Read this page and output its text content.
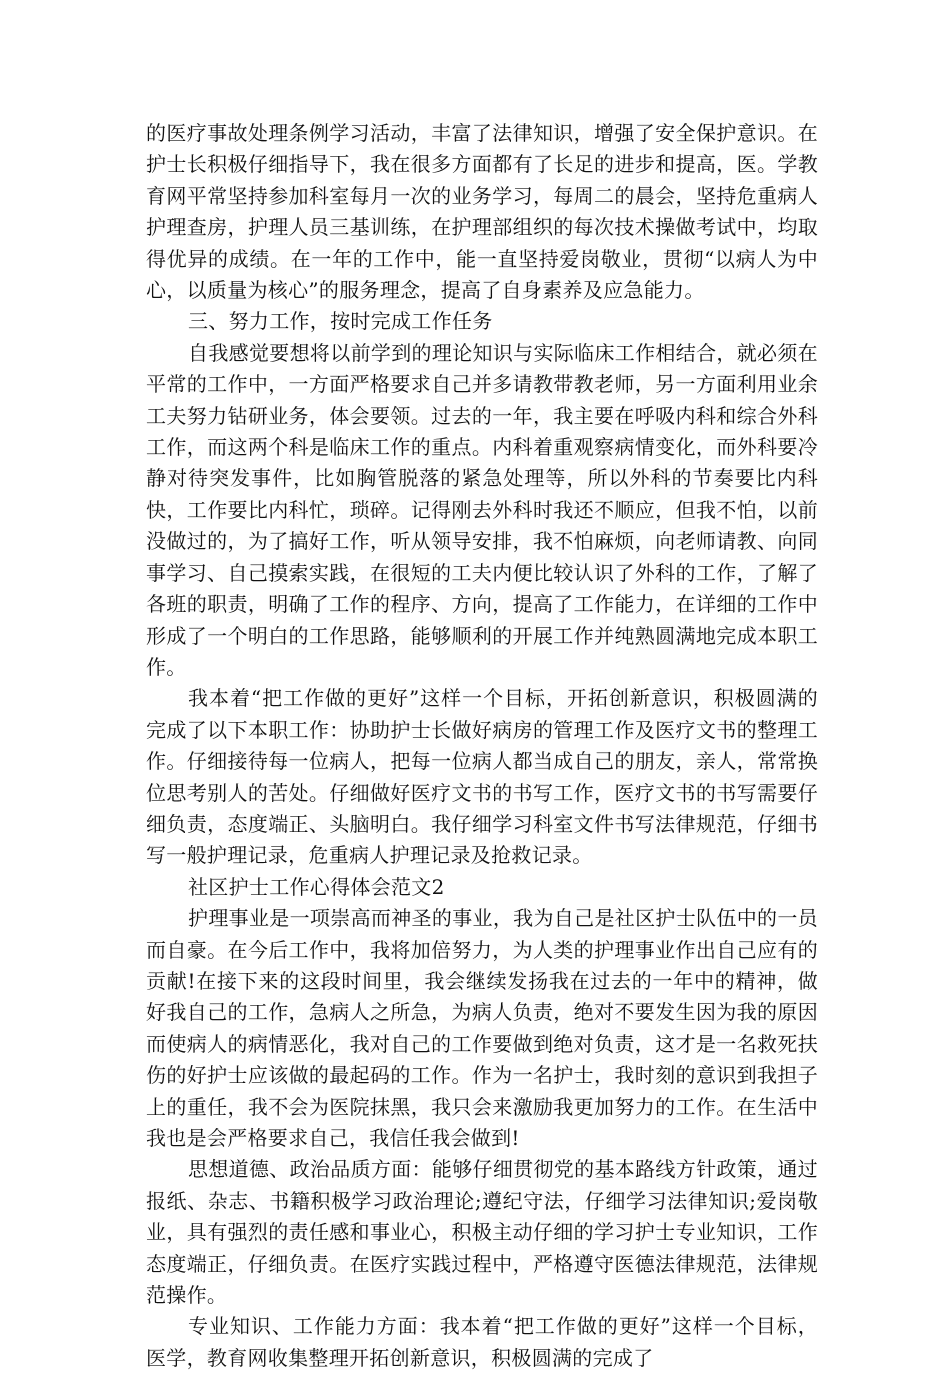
的医疗事故处理条例学习活动，丰富了法律知识，增强了安全保护意识。在护士长积极仔细指导下，我在很多方面都有了长足的进步和提高，医。学教育网平常坚持参加科室每月一次的业务学习，每周二的晨会，坚持危重病人护理查房，护理人员三基训练，在护理部组织的每次技术操做考试中，均取得优异的成绩。在一年的工作中，能一直坚持爱岗敬业，贯彻“以病人为中心，以质量为核心”的服务理念，提高了自身素养及应急能力。

三、努力工作，按时完成工作任务

自我感觉要想将以前学到的理论知识与实际临床工作相结合，就必须在平常的工作中，一方面严格要求自己并多请教带教老师，另一方面利用业余工夫努力钻研业务，体会要领。过去的一年，我主要在呼吸内科和综合外科工作，而这两个科是临床工作的重点。内科着重观察病情变化，而外科要冷静对待突发事件，比如胸管脱落的紧急处理等，所以外科的节奏要比内科快，工作要比内科忙，琐碎。记得刚去外科时我还不顺应，但我不怕，以前没做过的，为了搞好工作，听从领导安排，我不怕麻烦，向老师请教、向同事学习、自己摸索实践，在很短的工夫内便比较认识了外科的工作，了解了各班的职责，明确了工作的程序、方向，提高了工作能力，在详细的工作中形成了一个明白的工作思路，能够顺利的开展工作并纯熟圆满地完成本职工作。

我本着“把工作做的更好”这样一个目标，开拓创新意识，积极圆满的完成了以下本职工作：协助护士长做好病房的管理工作及医疗文书的整理工作。仔细接待每一位病人，把每一位病人都当成自己的朋友，亲人，常常换位思考别人的苦处。仔细做好医疗文书的书写工作，医疗文书的书写需要仔细负责，态度端正、头脑明白。我仔细学习科室文件书写法律规范，仔细书写一般护理记录，危重病人护理记录及抢救记录。

社区护士工作心得体会范文2

护理事业是一项崇高而神圣的事业，我为自己是社区护士队伍中的一员而自豪。在今后工作中，我将加倍努力，为人类的护理事业作出自己应有的贡献!在接下来的这段时间里，我会继续发扬我在过去的一年中的精神，做好我自己的工作，急病人之所急，为病人负责，绝对不要发生因为我的原因而使病人的病情恶化，我对自己的工作要做到绝对负责，这才是一名救死扶伤的好护士应该做的最起码的工作。作为一名护士，我时刻的意识到我担子上的重任，我不会为医院抹黑，我只会来激励我更加努力的工作。在生活中我也是会严格要求自己，我信任我会做到!

思想道德、政治品质方面：能够仔细贯彻党的基本路线方针政策，通过报纸、杂志、书籍积极学习政治理论;遵纪守法，仔细学习法律知识;爱岗敬业，具有强烈的责任感和事业心，积极主动仔细的学习护士专业知识，工作态度端正，仔细负责。在医疗实践过程中，严格遵守医德法律规范，法律规范操作。

专业知识、工作能力方面：我本着“把工作做的更好”这样一个目标，医学，教育网收集整理开拓创新意识，积极圆满的完成了
